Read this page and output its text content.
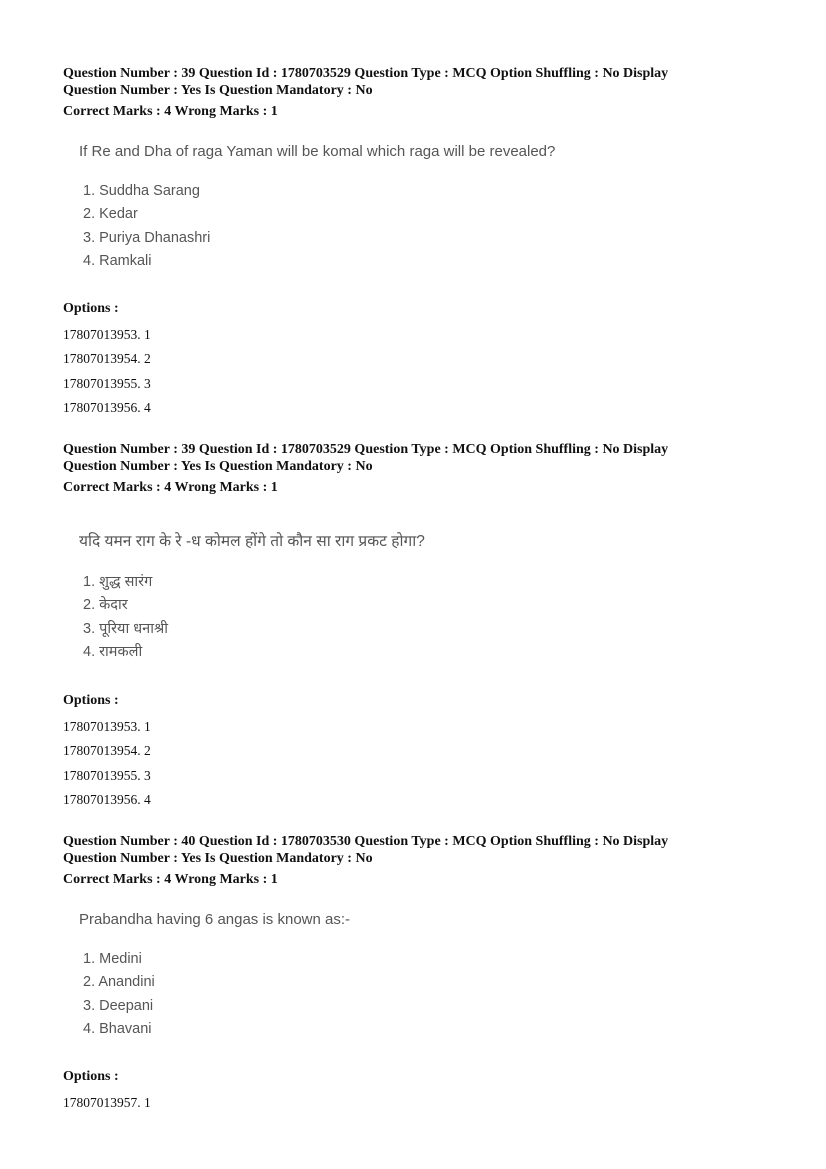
Question Number : 39 Question Id : 1780703529 Question Type : MCQ Option Shuffling : No Display

Question Number : Yes Is Question Mandatory : No

Correct Marks : 4 Wrong Marks : 1

If Re and Dha of raga Yaman will be komal which raga will be revealed?

1. Suddha Sarang
2. Kedar
3. Puriya Dhanashri
4. Ramkali

Options :

17807013953. 1

17807013954. 2

17807013955. 3

17807013956. 4

Question Number : 39 Question Id : 1780703529 Question Type : MCQ Option Shuffling : No Display

Question Number : Yes Is Question Mandatory : No

Correct Marks : 4 Wrong Marks : 1

यदि यमन राग के रे -ध कोमल होंगे तो कौन सा राग प्रकट होगा?

1. शुद्ध सारंग
2. केदार
3. पूरिया धनाश्री
4. रामकली

Options :

17807013953. 1

17807013954. 2

17807013955. 3

17807013956. 4

Question Number : 40 Question Id : 1780703530 Question Type : MCQ Option Shuffling : No Display

Question Number : Yes Is Question Mandatory : No

Correct Marks : 4 Wrong Marks : 1

Prabandha having 6 angas is known as:-

1. Medini
2. Anandini
3. Deepani
4. Bhavani

Options :

17807013957. 1
